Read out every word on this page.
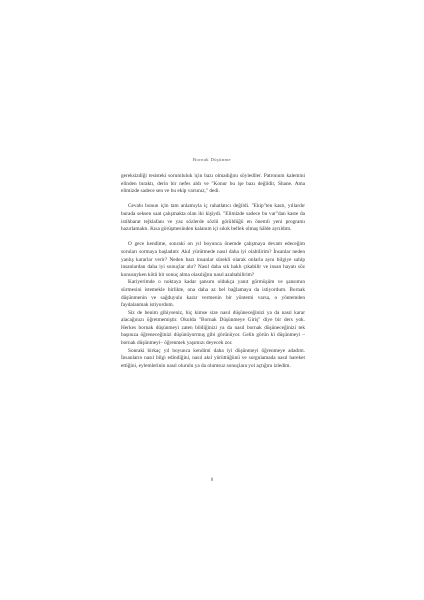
Bornak Düşünme

gereksizdiği tesisteki sorumluluk için bazı olmadığını söylediler. Patronum kalemini elinden bıraktı, derin bir nefes aldı ve "Konur bu işe bazı değildir, Shane. Ama elimizde sadece sen ve bu ekip varsınız," dedi.

Cevabı bunun için tam anlamıyla iç rahatlatıcı değildi. "Ekip"ten kastı, yıllardır burada seksen saat çalışmakta olan iki kişiydi. "Elimizde sadece bu var"dan kaste da istihbarat tejklafanı ve yaz sözlerde sözlü görüldüğü en önemli yeni programı hazırlamaktı. Kısa görüşmesinden kalanım içi sıkık bellek olmaş hâlde ayrıldım.

O gece kendime, sonraki on yıl boyunca önemde çalışmaya devam edeceğim soruları sormaya başladım: Akıl yürütmede nasıl daha iyi olabilirim? İnsanlar neden yanlış kararlar verir? Neden bazı insanlar sürekli olarak onlarla aynı bilgiye sahip insanlardan daha iyi sonuçlar alır? Nasıl daha sık haklı çıkabilir ve insan hayatı söz konusuyken kötü bir sonuç alma olasılığını nasıl azaltabilirim?

Kariyerimde o noktaya kadar şansım oldukça yanıt görmüşüm ve şansımın sürmesini istemekle birlikte, ona daha az bel bağlamaya da istiyordum. Bornak düşünmenin ve sağduyulu karar vermenin bir yöntemi varsa, o yöntemden faydalanmak istiyordum.

Siz de benim gibiyseniz, hiç kimse size nasıl düşüneceğinizi ya da nasıl karar alacağınızı öğretmemiştir. Okulda "Bornak Düşünmeye Giriş" diye bir ders yok. Herkes bornak düşünmeyi zaten bildiğinizi ya da nasıl bornak düşüneceğinizi tek başınıza öğreneceğinizi düşünüyormuş gibi görünüyor. Gelin görün ki düşünmeyi –bornak düşünmeyi– öğrenmek yaşımızı deyecek zor.

Sonraki birkaç yıl boyunca kendimi daha iyi düşünmeyi öğrenmeye adadım. İnsanların nasıl bilgi edindiğini, nasıl akıl yürüttüğünü ve sorgulamada nasıl hareket ettiğini, eylemlerinin nasıl olurulu ya da olumsuz sonuçlara yol açtığını izledim.

8
